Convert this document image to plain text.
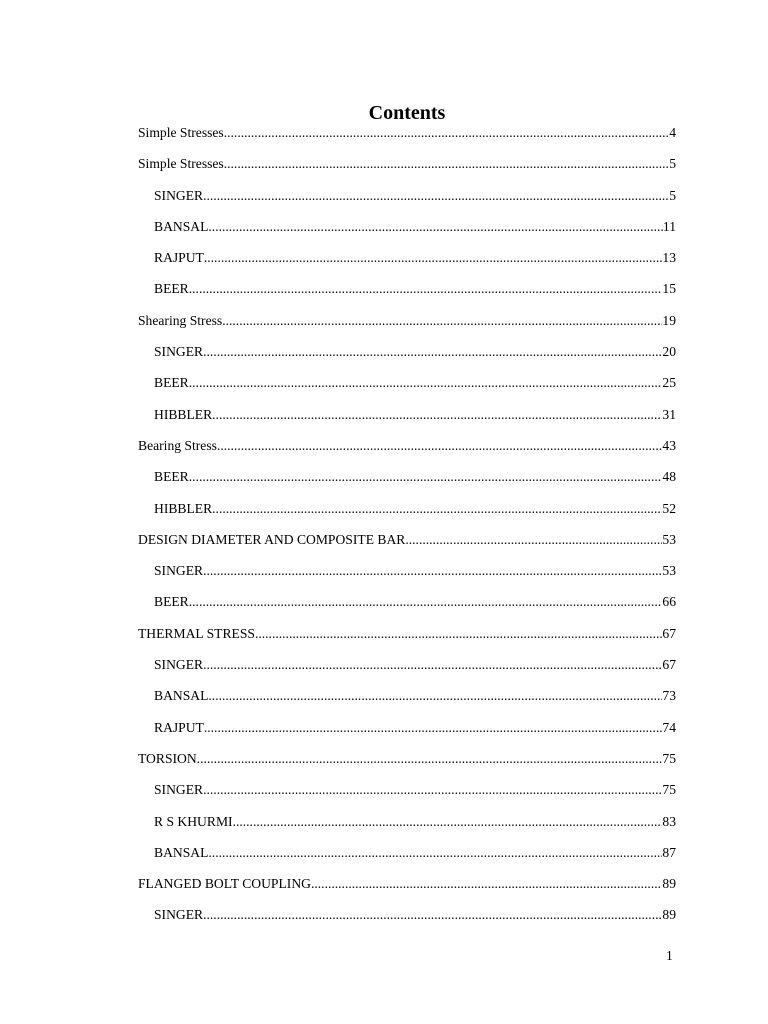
Contents
Simple Stresses .....	4
Simple Stresses .....	5
SINGER .....	5
BANSAL .....	11
RAJPUT .....	13
BEER .....	15
Shearing Stress .....	19
SINGER .....	20
BEER .....	25
HIBBLER .....	31
Bearing Stress .....	43
BEER .....	48
HIBBLER .....	52
DESIGN DIAMETER AND COMPOSITE BAR .....	53
SINGER .....	53
BEER .....	66
THERMAL STRESS .....	67
SINGER .....	67
BANSAL .....	73
RAJPUT .....	74
TORSION .....	75
SINGER .....	75
R S KHURMI .....	83
BANSAL .....	87
FLANGED BOLT COUPLING .....	89
SINGER .....	89
1
